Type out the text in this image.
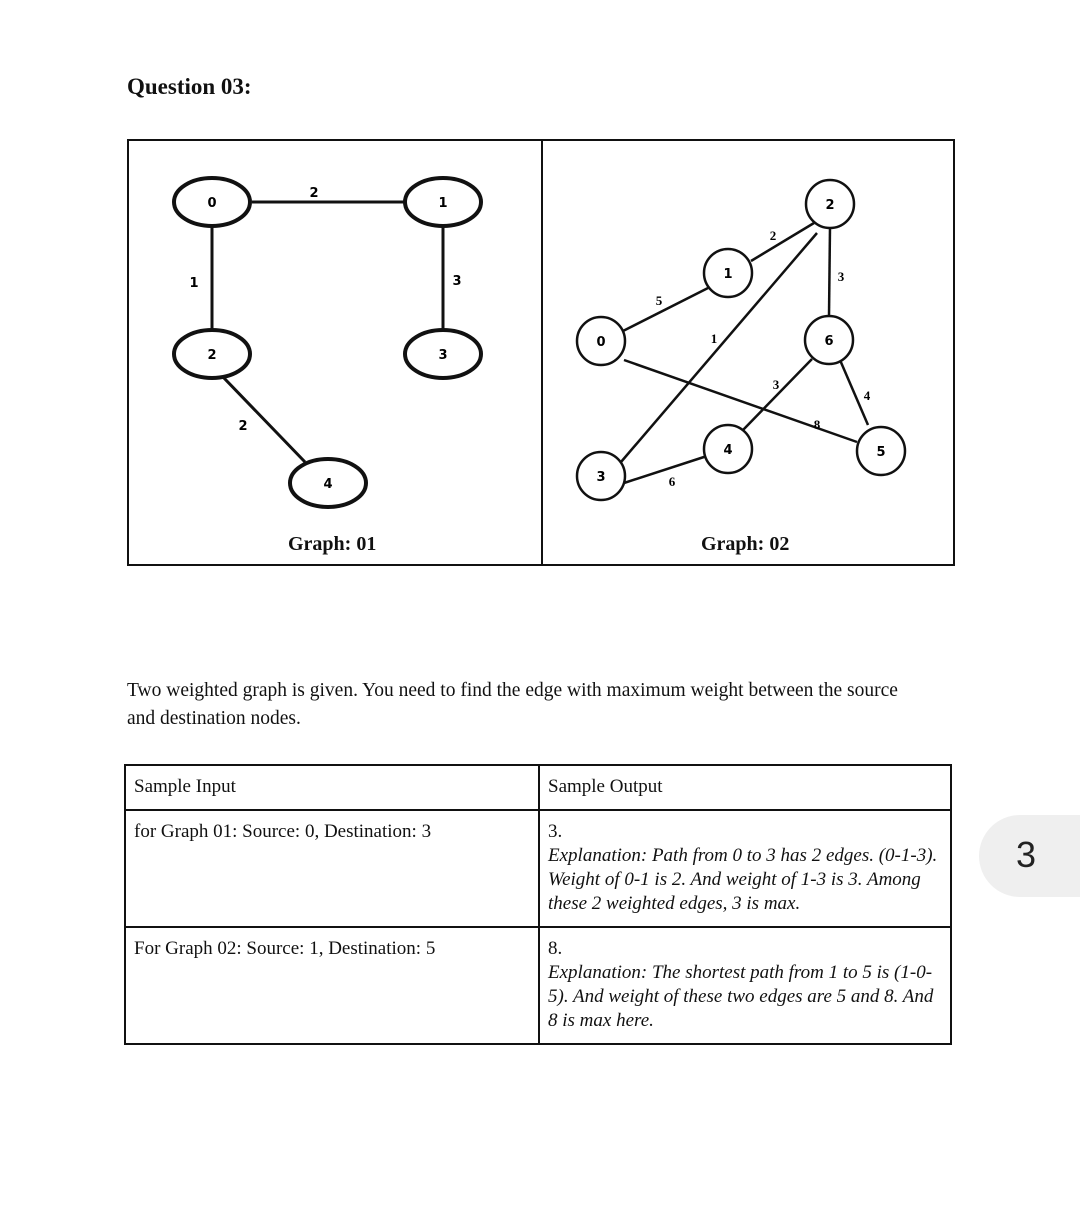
Question 03:
2
1	3
2
0	1
2	3
4
5
2
3
1
8
4
3
6
0
1
2
3
4	5
6
Graph: 01	Graph: 02

Two weighted graph is given. You need to find the edge with maximum weight between the source and destination nodes.

Sample Input	Sample Output
for Graph 01: Source: 0, Destination: 3	3.
Explanation: Path from 0 to 3 has 2 edges. (0-1-3). Weight of 0-1 is 2. And weight of 1-3 is 3. Among these 2 weighted edges, 3 is max.

For Graph 02: Source: 1, Destination: 5	8.
Explanation: The shortest path from 1 to 5 is (1-0-5). And weight of these two edges are 5 and 8. And 8 is max here.
3
